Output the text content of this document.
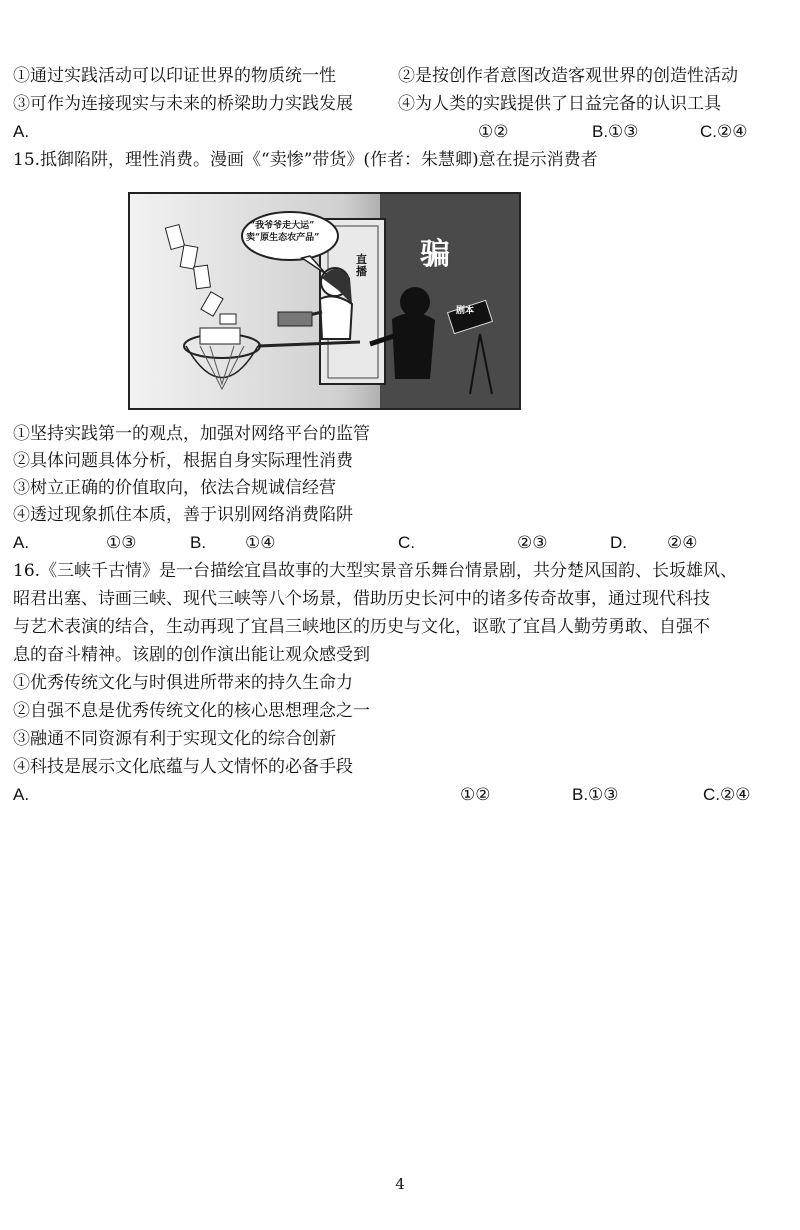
①通过实践活动可以印证世界的物质统一性	②是按创作者意图改造客观世界的创造性活动
③可作为连接现实与未来的桥梁助力实践发展	④为人类的实践提供了日益完备的认识工具
A.	①②	B.①③	C.②④
15.抵御陷阱，理性消费。漫画《“卖惨”带货》(作者：朱慧卿)意在提示消费者
“我爷爷走大运”
卖“原生态农产品”
直播 骗
剧本
①坚持实践第一的观点，加强对网络平台的监管
②具体问题具体分析，根据自身实际理性消费
③树立正确的价值取向，依法合规诚信经营
④透过现象抓住本质，善于识别网络消费陷阱
A.	①③	B. ①④	C.	②③	D. ②④
16.《三峡千古情》是一台描绘宜昌故事的大型实景音乐舞台情景剧，共分楚风国韵、长坂雄风、
昭君出塞、诗画三峡、现代三峡等八个场景，借助历史长河中的诸多传奇故事，通过现代科技
与艺术表演的结合，生动再现了宜昌三峡地区的历史与文化，讴歌了宜昌人勤劳勇敢、自强不
息的奋斗精神。该剧的创作演出能让观众感受到
①优秀传统文化与时俱进所带来的持久生命力
②自强不息是优秀传统文化的核心思想理念之一
③融通不同资源有利于实现文化的综合创新
④科技是展示文化底蕴与人文情怀的必备手段
A.	①②	B.①③	C.②④
4
